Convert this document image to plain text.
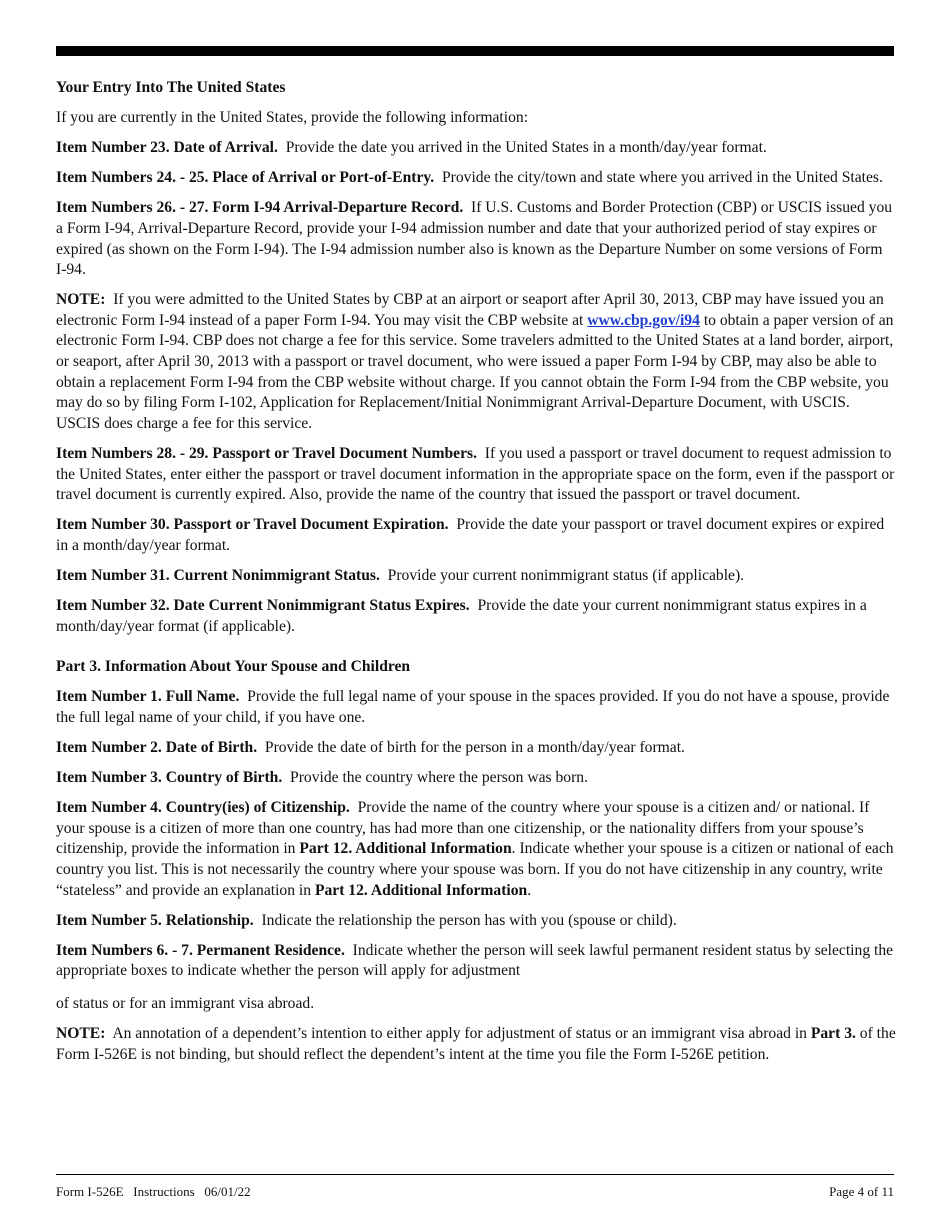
Your Entry Into The United States

If you are currently in the United States, provide the following information:

Item Number 23. Date of Arrival. Provide the date you arrived in the United States in a month/day/year format.

Item Numbers 24. - 25. Place of Arrival or Port-of-Entry. Provide the city/town and state where you arrived in the United States.

Item Numbers 26. - 27. Form I-94 Arrival-Departure Record. If U.S. Customs and Border Protection (CBP) or USCIS issued you a Form I-94, Arrival-Departure Record, provide your I-94 admission number and date that your authorized period of stay expires or expired (as shown on the Form I-94). The I-94 admission number also is known as the Departure Number on some versions of Form I-94.

NOTE: If you were admitted to the United States by CBP at an airport or seaport after April 30, 2013, CBP may have issued you an electronic Form I-94 instead of a paper Form I-94. You may visit the CBP website at www.cbp.gov/i94 to obtain a paper version of an electronic Form I-94. CBP does not charge a fee for this service. Some travelers admitted to the United States at a land border, airport, or seaport, after April 30, 2013 with a passport or travel document, who were issued a paper Form I-94 by CBP, may also be able to obtain a replacement Form I-94 from the CBP website without charge. If you cannot obtain the Form I-94 from the CBP website, you may do so by filing Form I-102, Application for Replacement/Initial Nonimmigrant Arrival-Departure Document, with USCIS. USCIS does charge a fee for this service.

Item Numbers 28. - 29. Passport or Travel Document Numbers. If you used a passport or travel document to request admission to the United States, enter either the passport or travel document information in the appropriate space on the form, even if the passport or travel document is currently expired. Also, provide the name of the country that issued the passport or travel document.

Item Number 30. Passport or Travel Document Expiration. Provide the date your passport or travel document expires or expired in a month/day/year format.

Item Number 31. Current Nonimmigrant Status. Provide your current nonimmigrant status (if applicable).

Item Number 32. Date Current Nonimmigrant Status Expires. Provide the date your current nonimmigrant status expires in a month/day/year format (if applicable).

Part 3. Information About Your Spouse and Children

Item Number 1. Full Name. Provide the full legal name of your spouse in the spaces provided. If you do not have a spouse, provide the full legal name of your child, if you have one.

Item Number 2. Date of Birth. Provide the date of birth for the person in a month/day/year format.

Item Number 3. Country of Birth. Provide the country where the person was born.

Item Number 4. Country(ies) of Citizenship. Provide the name of the country where your spouse is a citizen and/ or national. If your spouse is a citizen of more than one country, has had more than one citizenship, or the nationality differs from your spouse’s citizenship, provide the information in Part 12. Additional Information. Indicate whether your spouse is a citizen or national of each country you list. This is not necessarily the country where your spouse was born. If you do not have citizenship in any country, write “stateless” and provide an explanation in Part 12. Additional Information.

Item Number 5. Relationship. Indicate the relationship the person has with you (spouse or child).

Item Numbers 6. - 7. Permanent Residence. Indicate whether the person will seek lawful permanent resident status by selecting the appropriate boxes to indicate whether the person will apply for adjustment

of status or for an immigrant visa abroad.

NOTE: An annotation of a dependent’s intention to either apply for adjustment of status or an immigrant visa abroad in Part 3. of the Form I-526E is not binding, but should reflect the dependent’s intent at the time you file the Form I-526E petition.

Form I-526E   Instructions   06/01/22	Page 4 of 11
